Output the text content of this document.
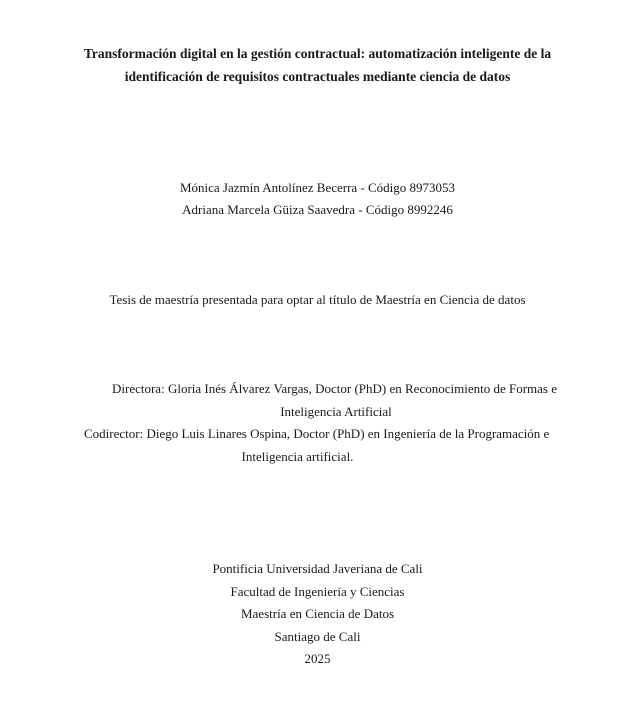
Transformación digital en la gestión contractual: automatización inteligente de la
identificación de requisitos contractuales mediante ciencia de datos
Mónica Jazmín Antolínez Becerra - Código 8973053
Adriana Marcela Güiza Saavedra - Código 8992246
Tesis de maestría presentada para optar al título de Maestría en Ciencia de datos
Directora: Gloria Inés Álvarez Vargas, Doctor (PhD) en Reconocimiento de Formas e
Inteligencia Artificial
Codirector: Diego Luis Linares Ospina, Doctor (PhD) en Ingeniería de la Programación e
Inteligencia artificial.
Pontificia Universidad Javeriana de Cali
Facultad de Ingeniería y Ciencias
Maestría en Ciencia de Datos
Santiago de Cali
2025
